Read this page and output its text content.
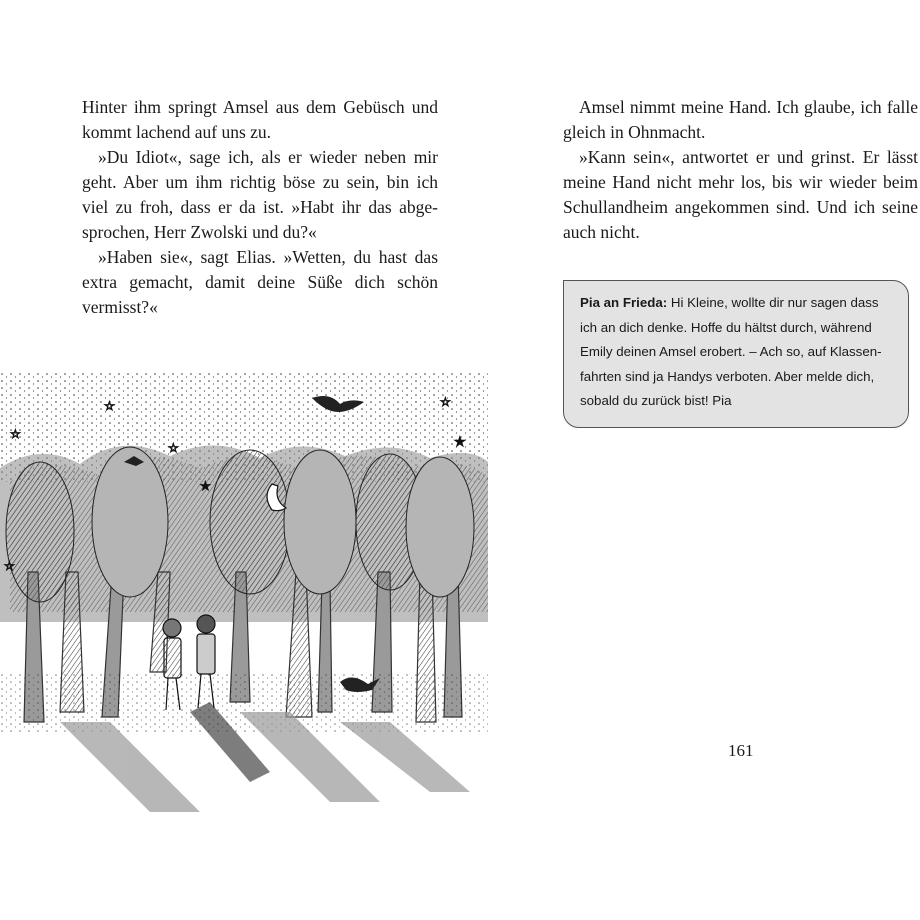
Hinter ihm springt Amsel aus dem Gebüsch und kommt lachend auf uns zu.

»Du Idiot«, sage ich, als er wieder neben mir geht. Aber um ihm richtig böse zu sein, bin ich viel zu froh, dass er da ist. »Habt ihr das abgesprochen, Herr Zwolski und du?«

»Haben sie«, sagt Elias. »Wetten, du hast das extra gemacht, damit deine Süße dich schön vermisst?«

☆
☆
☆
☆	★
★
☆

Amsel nimmt meine Hand. Ich glaube, ich falle gleich in Ohnmacht.

»Kann sein«, antwortet er und grinst. Er lässt meine Hand nicht mehr los, bis wir wieder beim Schullandheim angekommen sind. Und ich seine auch nicht.

Pia an Frieda: Hi Kleine, wollte dir nur sagen dass ich an dich denke. Hoffe du hältst durch, während Emily deinen Amsel erobert. – Ach so, auf Klassenfahrten sind ja Handys verboten. Aber melde dich, sobald du zurück bist! Pia
161
